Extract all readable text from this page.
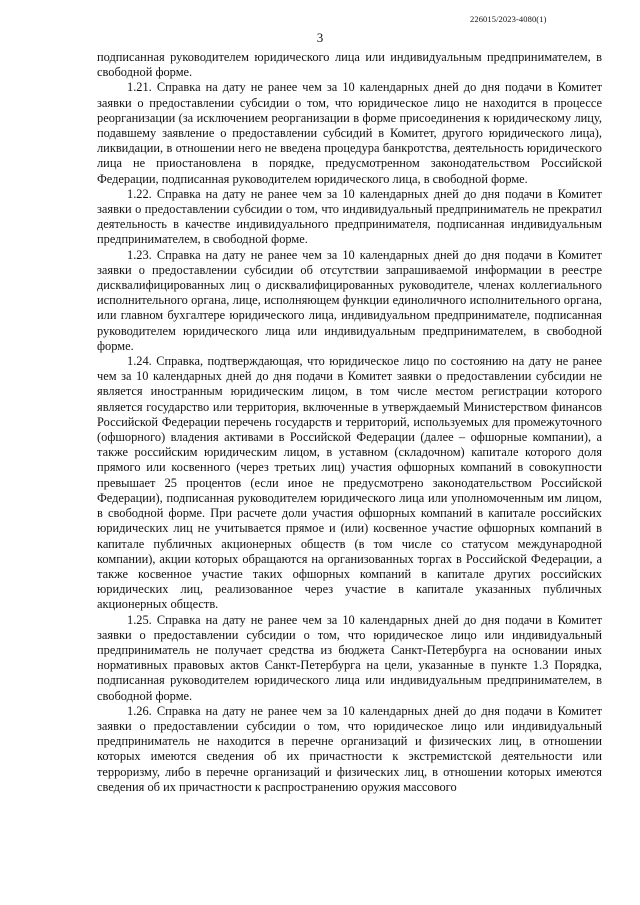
226015/2023-4080(1)
3

подписанная руководителем юридического лица или индивидуальным предпринимателем, в свободной форме.

1.21. Справка на дату не ранее чем за 10 календарных дней до дня подачи в Комитет заявки о предоставлении субсидии о том, что юридическое лицо не находится в процессе реорганизации (за исключением реорганизации в форме присоединения к юридическому лицу, подавшему заявление о предоставлении субсидий в Комитет, другого юридического лица), ликвидации, в отношении него не введена процедура банкротства, деятельность юридического лица не приостановлена в порядке, предусмотренном законодательством Российской Федерации, подписанная руководителем юридического лица, в свободной форме.

1.22. Справка на дату не ранее чем за 10 календарных дней до дня подачи в Комитет заявки о предоставлении субсидии о том, что индивидуальный предприниматель не прекратил деятельность в качестве индивидуального предпринимателя, подписанная индивидуальным предпринимателем, в свободной форме.

1.23. Справка на дату не ранее чем за 10 календарных дней до дня подачи в Комитет заявки о предоставлении субсидии об отсутствии запрашиваемой информации в реестре дисквалифицированных лиц о дисквалифицированных руководителе, членах коллегиального исполнительного органа, лице, исполняющем функции единоличного исполнительного органа, или главном бухгалтере юридического лица, индивидуальном предпринимателе, подписанная руководителем юридического лица или индивидуальным предпринимателем, в свободной форме.

1.24. Справка, подтверждающая, что юридическое лицо по состоянию на дату не ранее чем за 10 календарных дней до дня подачи в Комитет заявки о предоставлении субсидии не является иностранным юридическим лицом, в том числе местом регистрации которого является государство или территория, включенные в утверждаемый Министерством финансов Российской Федерации перечень государств и территорий, используемых для промежуточного (офшорного) владения активами в Российской Федерации (далее – офшорные компании), а также российским юридическим лицом, в уставном (складочном) капитале которого доля прямого или косвенного (через третьих лиц) участия офшорных компаний в совокупности превышает 25 процентов (если иное не предусмотрено законодательством Российской Федерации), подписанная руководителем юридического лица или уполномоченным им лицом, в свободной форме. При расчете доли участия офшорных компаний в капитале российских юридических лиц не учитывается прямое и (или) косвенное участие офшорных компаний в капитале публичных акционерных обществ (в том числе со статусом международной компании), акции которых обращаются на организованных торгах в Российской Федерации, а также косвенное участие таких офшорных компаний в капитале других российских юридических лиц, реализованное через участие в капитале указанных публичных акционерных обществ.

1.25. Справка на дату не ранее чем за 10 календарных дней до дня подачи в Комитет заявки о предоставлении субсидии о том, что юридическое лицо или индивидуальный предприниматель не получает средства из бюджета Санкт-Петербурга на основании иных нормативных правовых актов Санкт-Петербурга на цели, указанные в пункте 1.3 Порядка, подписанная руководителем юридического лица или индивидуальным предпринимателем, в свободной форме.

1.26. Справка на дату не ранее чем за 10 календарных дней до дня подачи в Комитет заявки о предоставлении субсидии о том, что юридическое лицо или индивидуальный предприниматель не находится в перечне организаций и физических лиц, в отношении которых имеются сведения об их причастности к экстремистской деятельности или терроризму, либо в перечне организаций и физических лиц, в отношении которых имеются сведения об их причастности к распространению оружия массового
